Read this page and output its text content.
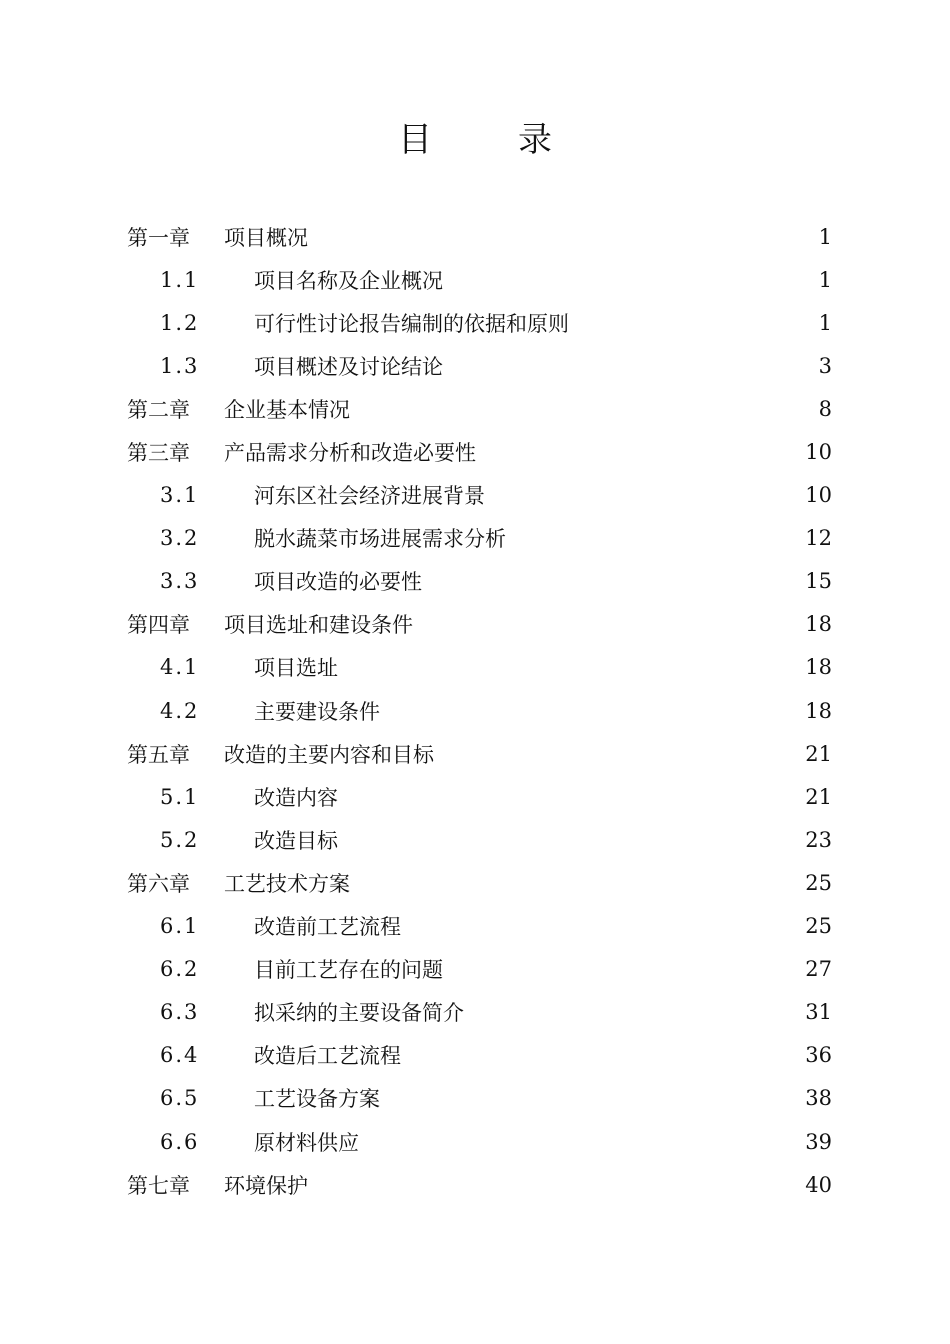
目	录
第一章	项目概况	1
1.1	项目名称及企业概况	1
1.2	可行性讨论报告编制的依据和原则	1
1.3	项目概述及讨论结论	3
第二章	企业基本情况	8
第三章	产品需求分析和改造必要性	10
3.1	河东区社会经济进展背景	10
3.2	脱水蔬菜市场进展需求分析	12
3.3	项目改造的必要性	15
第四章	项目选址和建设条件	18
4.1	项目选址	18
4.2	主要建设条件	18
第五章	改造的主要内容和目标	21
5.1	改造内容	21
5.2	改造目标	23
第六章	工艺技术方案	25
6.1	改造前工艺流程	25
6.2	目前工艺存在的问题	27
6.3	拟采纳的主要设备简介	31
6.4	改造后工艺流程	36
6.5	工艺设备方案	38
6.6	原材料供应	39
第七章	环境保护	40
